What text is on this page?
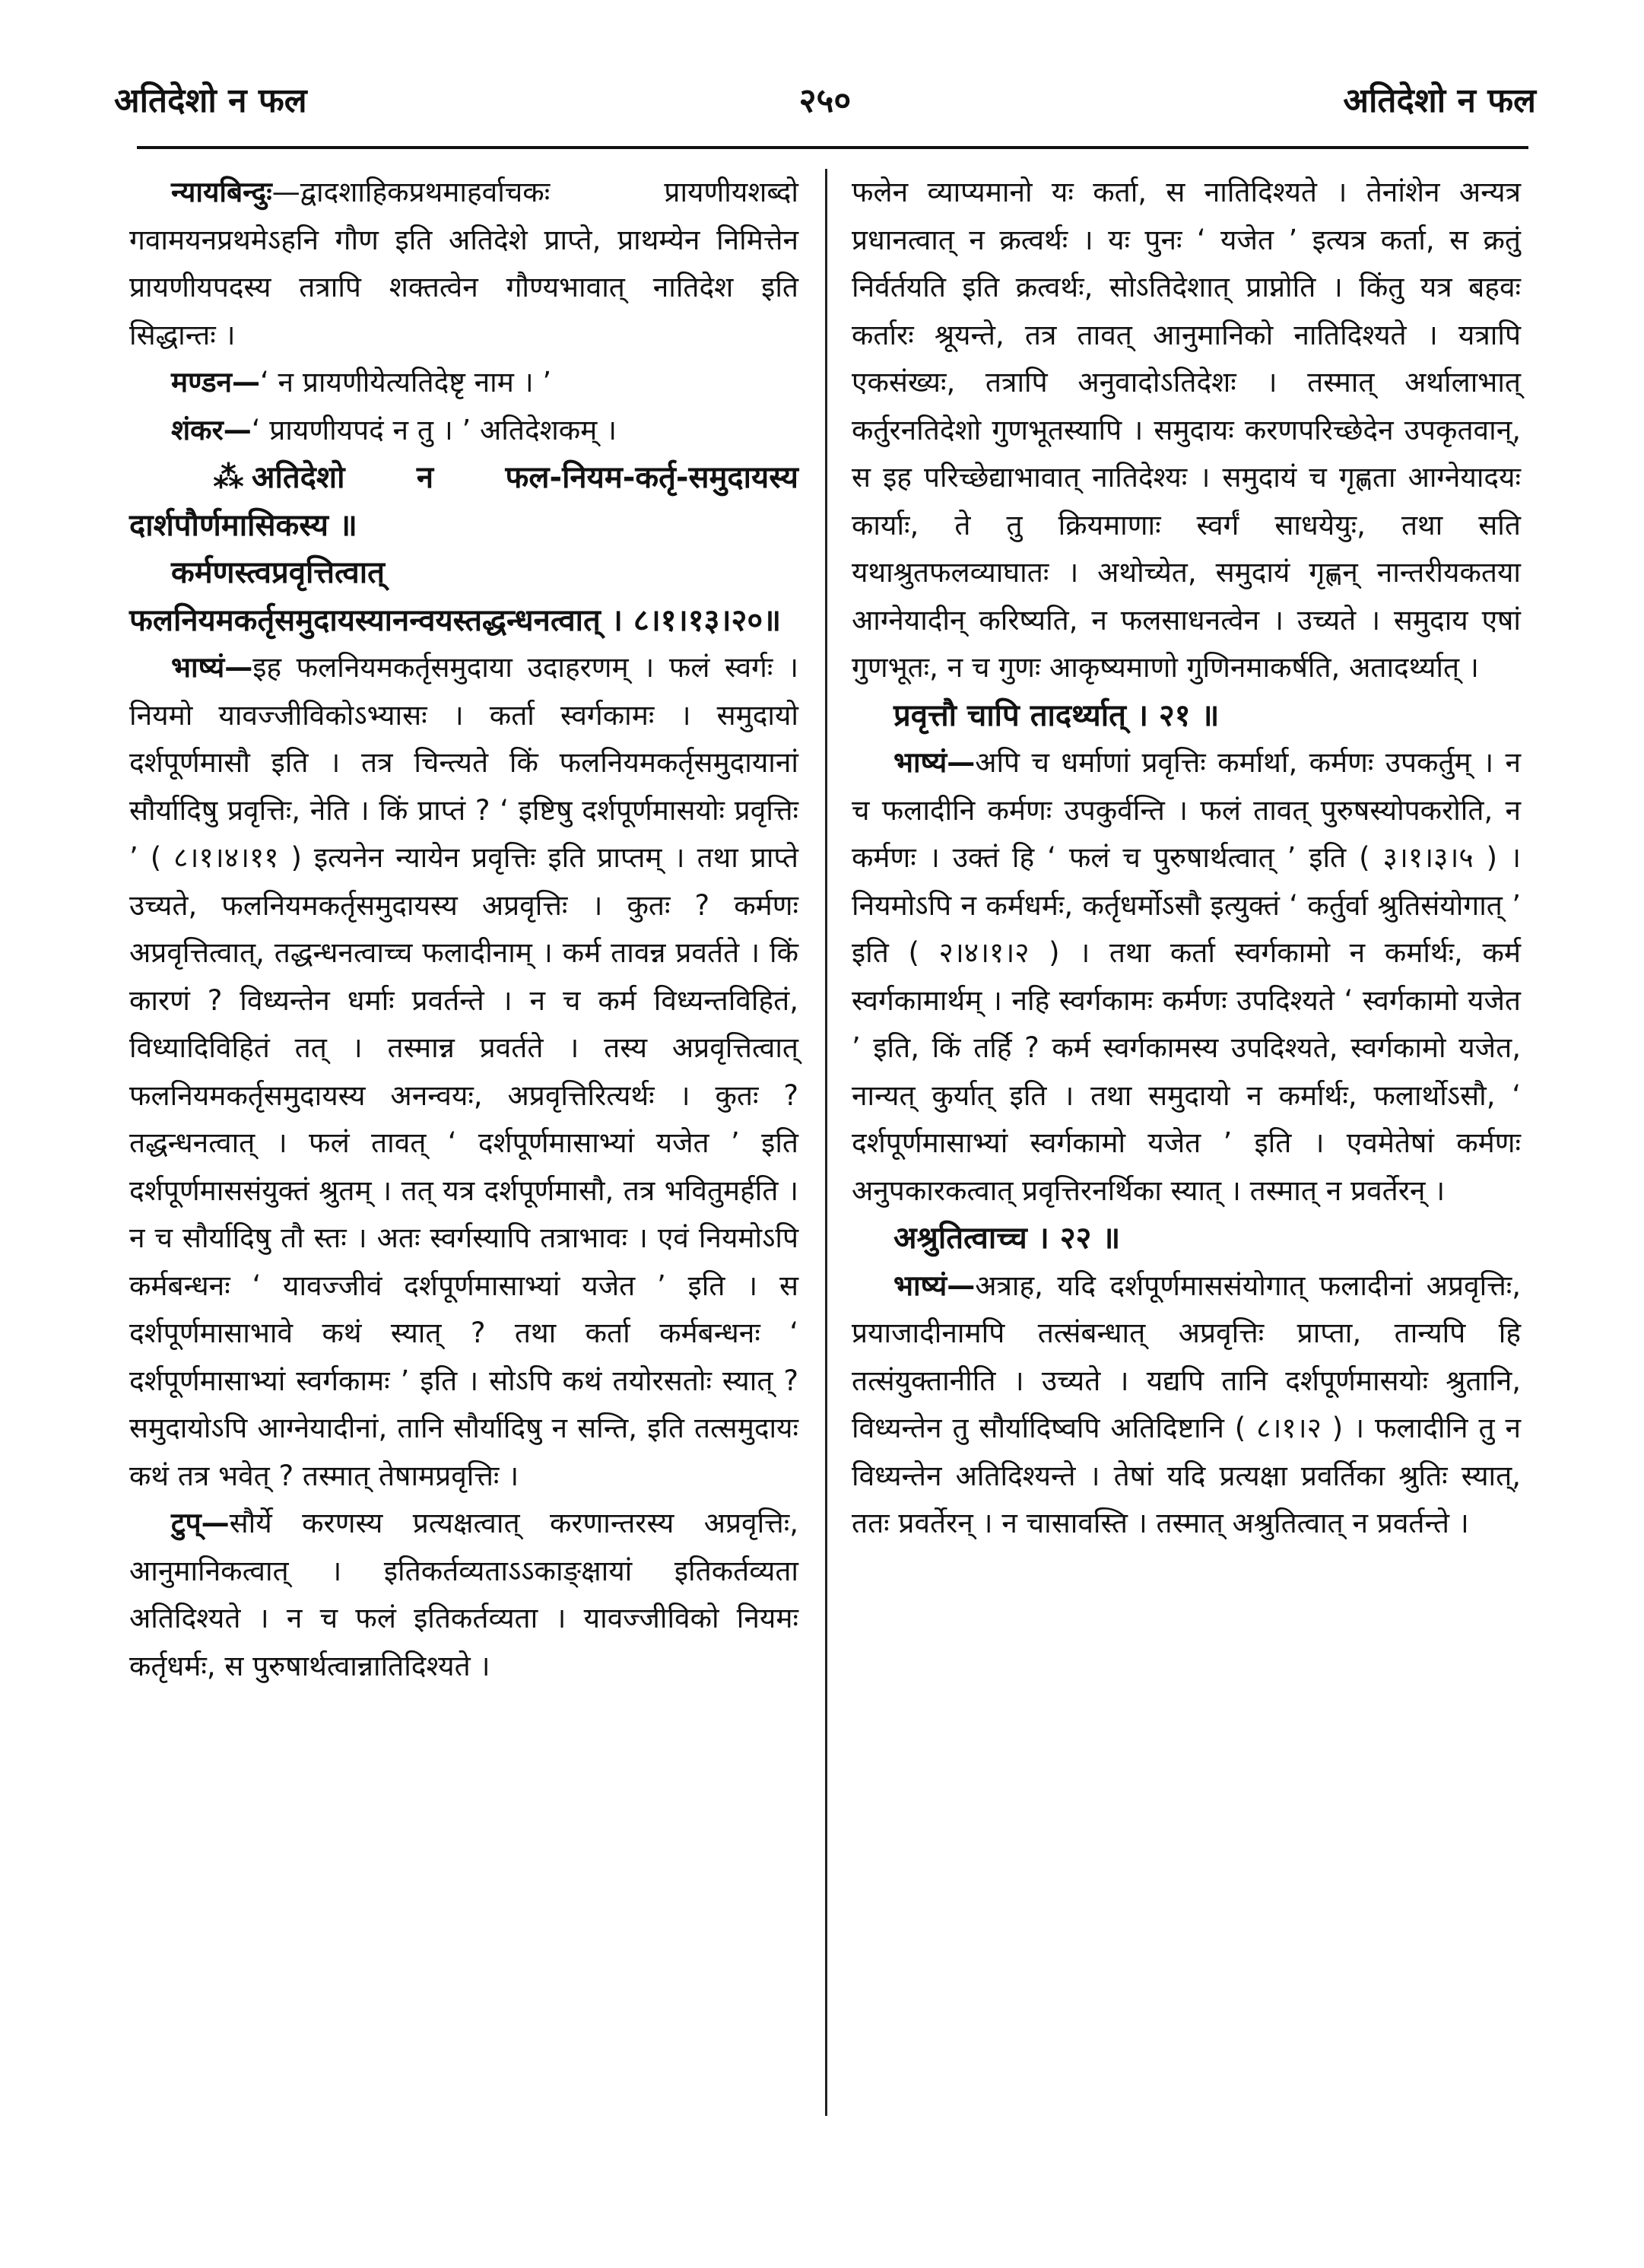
अतिदेशो न फल	२५०	अतिदेशो न फल

न्यायबिन्दुः—द्वादशाहिकप्रथमाहर्वाचकः प्रायणीयशब्दो गवामयनप्रथमेऽहनि गौण इति अतिदेशे प्राप्ते, प्राथम्येन निमित्तेन प्रायणीयपदस्य तत्रापि शक्तत्वेन गौण्यभावात् नातिदेश इति सिद्धान्तः ।

मण्डन—‘ न प्रायणीयेत्यतिदेष्टृ नाम । ’

शंकर—‘ प्रायणीयपदं न तु । ’ अतिदेशकम् ।

⁂ अतिदेशो न फल-नियम-कर्तृ-समुदायस्य दार्शपौर्णमासिकस्य ॥

कर्मणस्त्वप्रवृत्तित्वात् फलनियमकर्तृसमुदायस्यानन्वयस्तद्धन्धनत्वात् । ८।१।१३।२०॥

भाष्यं—इह फलनियमकर्तृसमुदाया उदाहरणम् । फलं स्वर्गः । नियमो यावज्जीविकोऽभ्यासः । कर्ता स्वर्गकामः । समुदायो दर्शपूर्णमासौ इति । तत्र चिन्त्यते किं फलनियमकर्तृसमुदायानां सौर्यादिषु प्रवृत्तिः, नेति । किं प्राप्तं ? ‘ इष्टिषु दर्शपूर्णमासयोः प्रवृत्तिः ’ ( ८।१।४।११ ) इत्यनेन न्यायेन प्रवृत्तिः इति प्राप्तम् । तथा प्राप्ते उच्यते, फलनियमकर्तृसमुदायस्य अप्रवृत्तिः । कुतः ? कर्मणः अप्रवृत्तित्वात्, तद्धन्धनत्वाच्च फलादीनाम् । कर्म तावन्न प्रवर्तते । किं कारणं ? विध्यन्तेन धर्माः प्रवर्तन्ते । न च कर्म विध्यन्तविहितं, विध्यादिविहितं तत् । तस्मान्न प्रवर्तते । तस्य अप्रवृत्तित्वात् फलनियमकर्तृसमुदायस्य अनन्वयः, अप्रवृत्तिरित्यर्थः । कुतः ? तद्धन्धनत्वात् । फलं तावत् ‘ दर्शपूर्णमासाभ्यां यजेत ’ इति दर्शपूर्णमाससंयुक्तं श्रुतम् । तत् यत्र दर्शपूर्णमासौ, तत्र भवितुमर्हति । न च सौर्यादिषु तौ स्तः । अतः स्वर्गस्यापि तत्राभावः । एवं नियमोऽपि कर्मबन्धनः ‘ यावज्जीवं दर्शपूर्णमासाभ्यां यजेत ’ इति । स दर्शपूर्णमासाभावे कथं स्यात् ? तथा कर्ता कर्मबन्धनः ‘ दर्शपूर्णमासाभ्यां स्वर्गकामः ’ इति । सोऽपि कथं तयोरसतोः स्यात् ? समुदायोऽपि आग्नेयादीनां, तानि सौर्यादिषु न सन्ति, इति तत्समुदायः कथं तत्र भवेत् ? तस्मात् तेषामप्रवृत्तिः ।

टुप्—सौर्ये करणस्य प्रत्यक्षत्वात् करणान्तरस्य अप्रवृत्तिः, आनुमानिकत्वात् । इतिकर्तव्यताऽऽकाङ्क्षायां इतिकर्तव्यता अतिदिश्यते । न च फलं इतिकर्तव्यता । यावज्जीविको नियमः कर्तृधर्मः, स पुरुषार्थत्वान्नातिदिश्यते ।

फलेन व्याप्यमानो यः कर्ता, स नातिदिश्यते । तेनांशेन अन्यत्र प्रधानत्वात् न क्रत्वर्थः । यः पुनः ‘ यजेत ’ इत्यत्र कर्ता, स क्रतुं निर्वर्तयति इति क्रत्वर्थः, सोऽतिदेशात् प्राप्नोति । किंतु यत्र बहवः कर्तारः श्रूयन्ते, तत्र तावत् आनुमानिको नातिदिश्यते । यत्रापि एकसंख्यः, तत्रापि अनुवादोऽतिदेशः । तस्मात् अर्थालाभात् कर्तुरनतिदेशो गुणभूतस्यापि । समुदायः करणपरिच्छेदेन उपकृतवान्, स इह परिच्छेद्याभावात् नातिदेश्यः । समुदायं च गृह्णता आग्नेयादयः कार्याः, ते तु क्रियमाणाः स्वर्गं साधयेयुः, तथा सति यथाश्रुतफलव्याघातः । अथोच्येत, समुदायं गृह्णन् नान्तरीयकतया आग्नेयादीन् करिष्यति, न फलसाधनत्वेन । उच्यते । समुदाय एषां गुणभूतः, न च गुणः आकृष्यमाणो गुणिनमाकर्षति, अतादर्थ्यात् ।

प्रवृत्तौ चापि तादर्थ्यात् । २१ ॥

भाष्यं—अपि च धर्माणां प्रवृत्तिः कर्मार्था, कर्मणः उपकर्तुम् । न च फलादीनि कर्मणः उपकुर्वन्ति । फलं तावत् पुरुषस्योपकरोति, न कर्मणः । उक्तं हि ‘ फलं च पुरुषार्थत्वात् ’ इति ( ३।१।३।५ ) । नियमोऽपि न कर्मधर्मः, कर्तृधर्मोऽसौ इत्युक्तं ‘ कर्तुर्वा श्रुतिसंयोगात् ’ इति ( २।४।१।२ ) । तथा कर्ता स्वर्गकामो न कर्मार्थः, कर्म स्वर्गकामार्थम् । नहि स्वर्गकामः कर्मणः उपदिश्यते ‘ स्वर्गकामो यजेत ’ इति, किं तर्हि ? कर्म स्वर्गकामस्य उपदिश्यते, स्वर्गकामो यजेत, नान्यत् कुर्यात् इति । तथा समुदायो न कर्मार्थः, फलार्थोऽसौ, ‘ दर्शपूर्णमासाभ्यां स्वर्गकामो यजेत ’ इति । एवमेतेषां कर्मणः अनुपकारकत्वात् प्रवृत्तिरनर्थिका स्यात् । तस्मात् न प्रवर्तेरन् ।

अश्रुतित्वाच्च । २२ ॥

भाष्यं—अत्राह, यदि दर्शपूर्णमाससंयोगात् फलादीनां अप्रवृत्तिः, प्रयाजादीनामपि तत्संबन्धात् अप्रवृत्तिः प्राप्ता, तान्यपि हि तत्संयुक्तानीति । उच्यते । यद्यपि तानि दर्शपूर्णमासयोः श्रुतानि, विध्यन्तेन तु सौर्यादिष्वपि अतिदिष्टानि ( ८।१।२ ) । फलादीनि तु न विध्यन्तेन अतिदिश्यन्ते । तेषां यदि प्रत्यक्षा प्रवर्तिका श्रुतिः स्यात्, ततः प्रवर्तेरन् । न चासावस्ति । तस्मात् अश्रुतित्वात् न प्रवर्तन्ते ।
